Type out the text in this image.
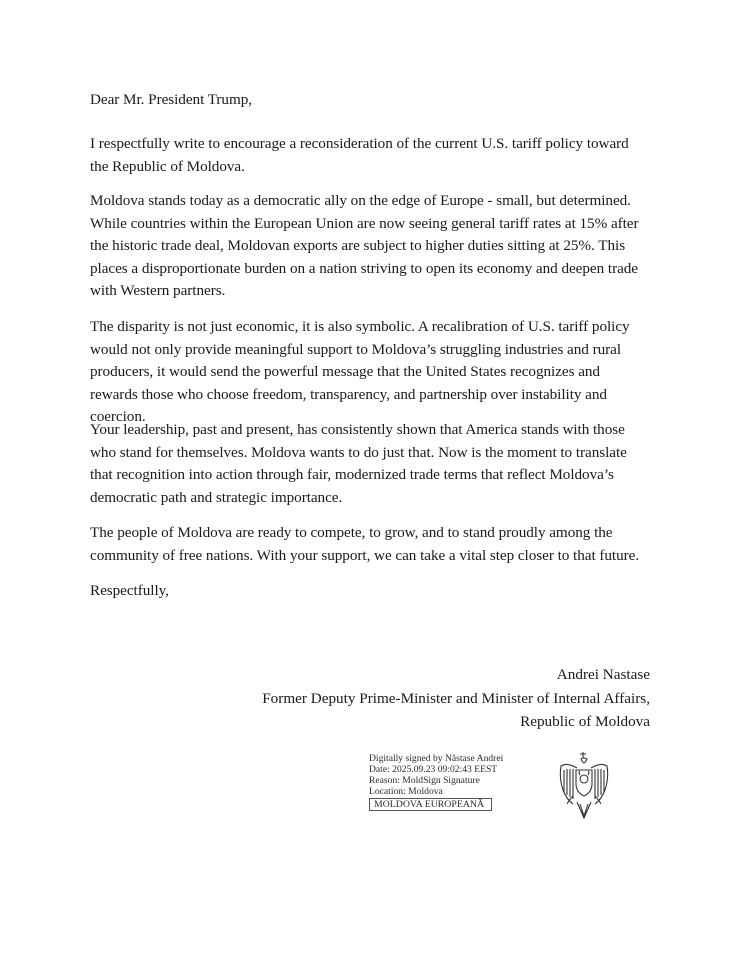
Dear Mr. President Trump,

I respectfully write to encourage a reconsideration of the current U.S. tariff policy toward the Republic of Moldova.

Moldova stands today as a democratic ally on the edge of Europe - small, but determined. While countries within the European Union are now seeing general tariff rates at 15% after the historic trade deal, Moldovan exports are subject to higher duties sitting at 25%. This places a disproportionate burden on a nation striving to open its economy and deepen trade with Western partners.

The disparity is not just economic, it is also symbolic. A recalibration of U.S. tariff policy would not only provide meaningful support to Moldova’s struggling industries and rural producers, it would send the powerful message that the United States recognizes and rewards those who choose freedom, transparency, and partnership over instability and coercion.

Your leadership, past and present, has consistently shown that America stands with those who stand for themselves. Moldova wants to do just that. Now is the moment to translate that recognition into action through fair, modernized trade terms that reflect Moldova’s democratic path and strategic importance.

The people of Moldova are ready to compete, to grow, and to stand proudly among the community of free nations. With your support, we can take a vital step closer to that future.

Respectfully,

Andrei Nastase
Former Deputy Prime-Minister and Minister of Internal Affairs,
Republic of Moldova
Digitally signed by Năstase Andrei
Date: 2025.09.23 09:02:43 EEST
Reason: MoldSign Signature
Location: Moldova
MOLDOVA EUROPEANĂ
